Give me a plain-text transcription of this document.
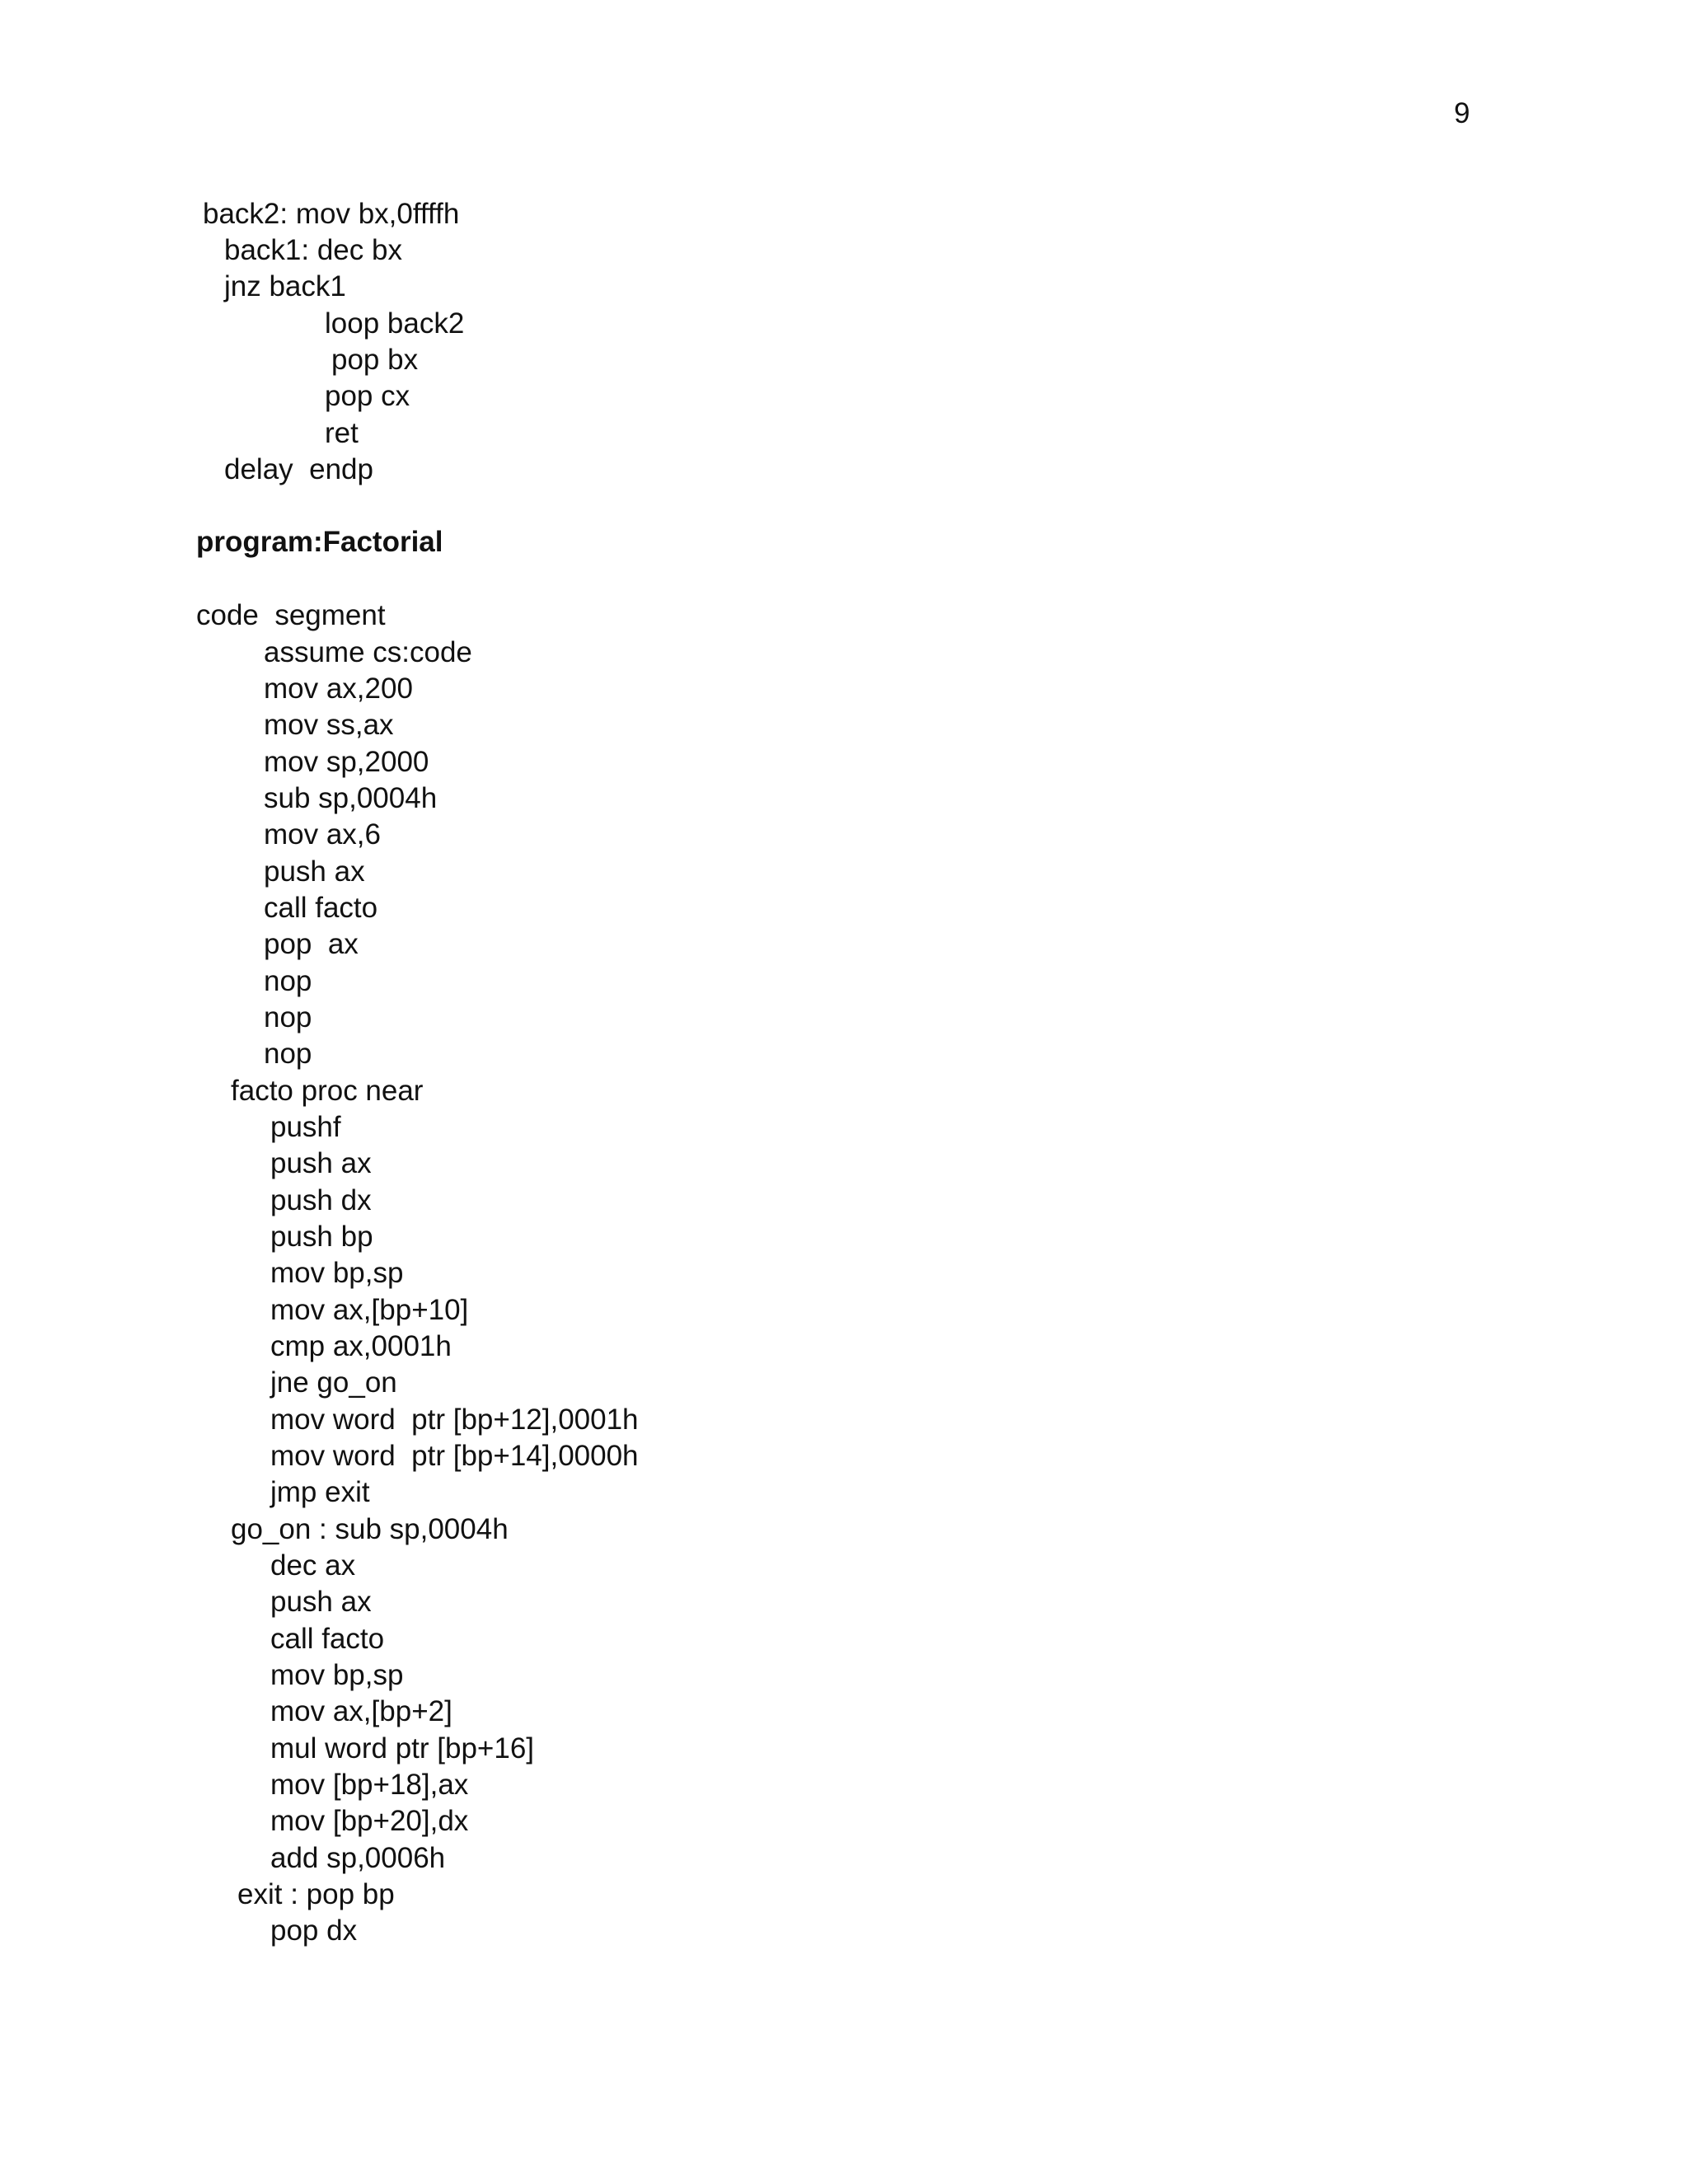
9
back2: mov bx,0ffffh
back1: dec bx
jnz back1
loop back2
pop bx
pop cx
ret
delay  endp
program:Factorial
code  segment
assume cs:code
mov ax,200
mov ss,ax
mov sp,2000
sub sp,0004h
mov ax,6
push ax
call facto
pop  ax
nop
nop
nop
facto proc near
pushf
push ax
push dx
push bp
mov bp,sp
mov ax,[bp+10]
cmp ax,0001h
jne go_on
mov word  ptr [bp+12],0001h
mov word  ptr [bp+14],0000h
jmp exit
go_on : sub sp,0004h
dec ax
push ax
call facto
mov bp,sp
mov ax,[bp+2]
mul word ptr [bp+16]
mov [bp+18],ax
mov [bp+20],dx
add sp,0006h
exit : pop bp
pop dx
